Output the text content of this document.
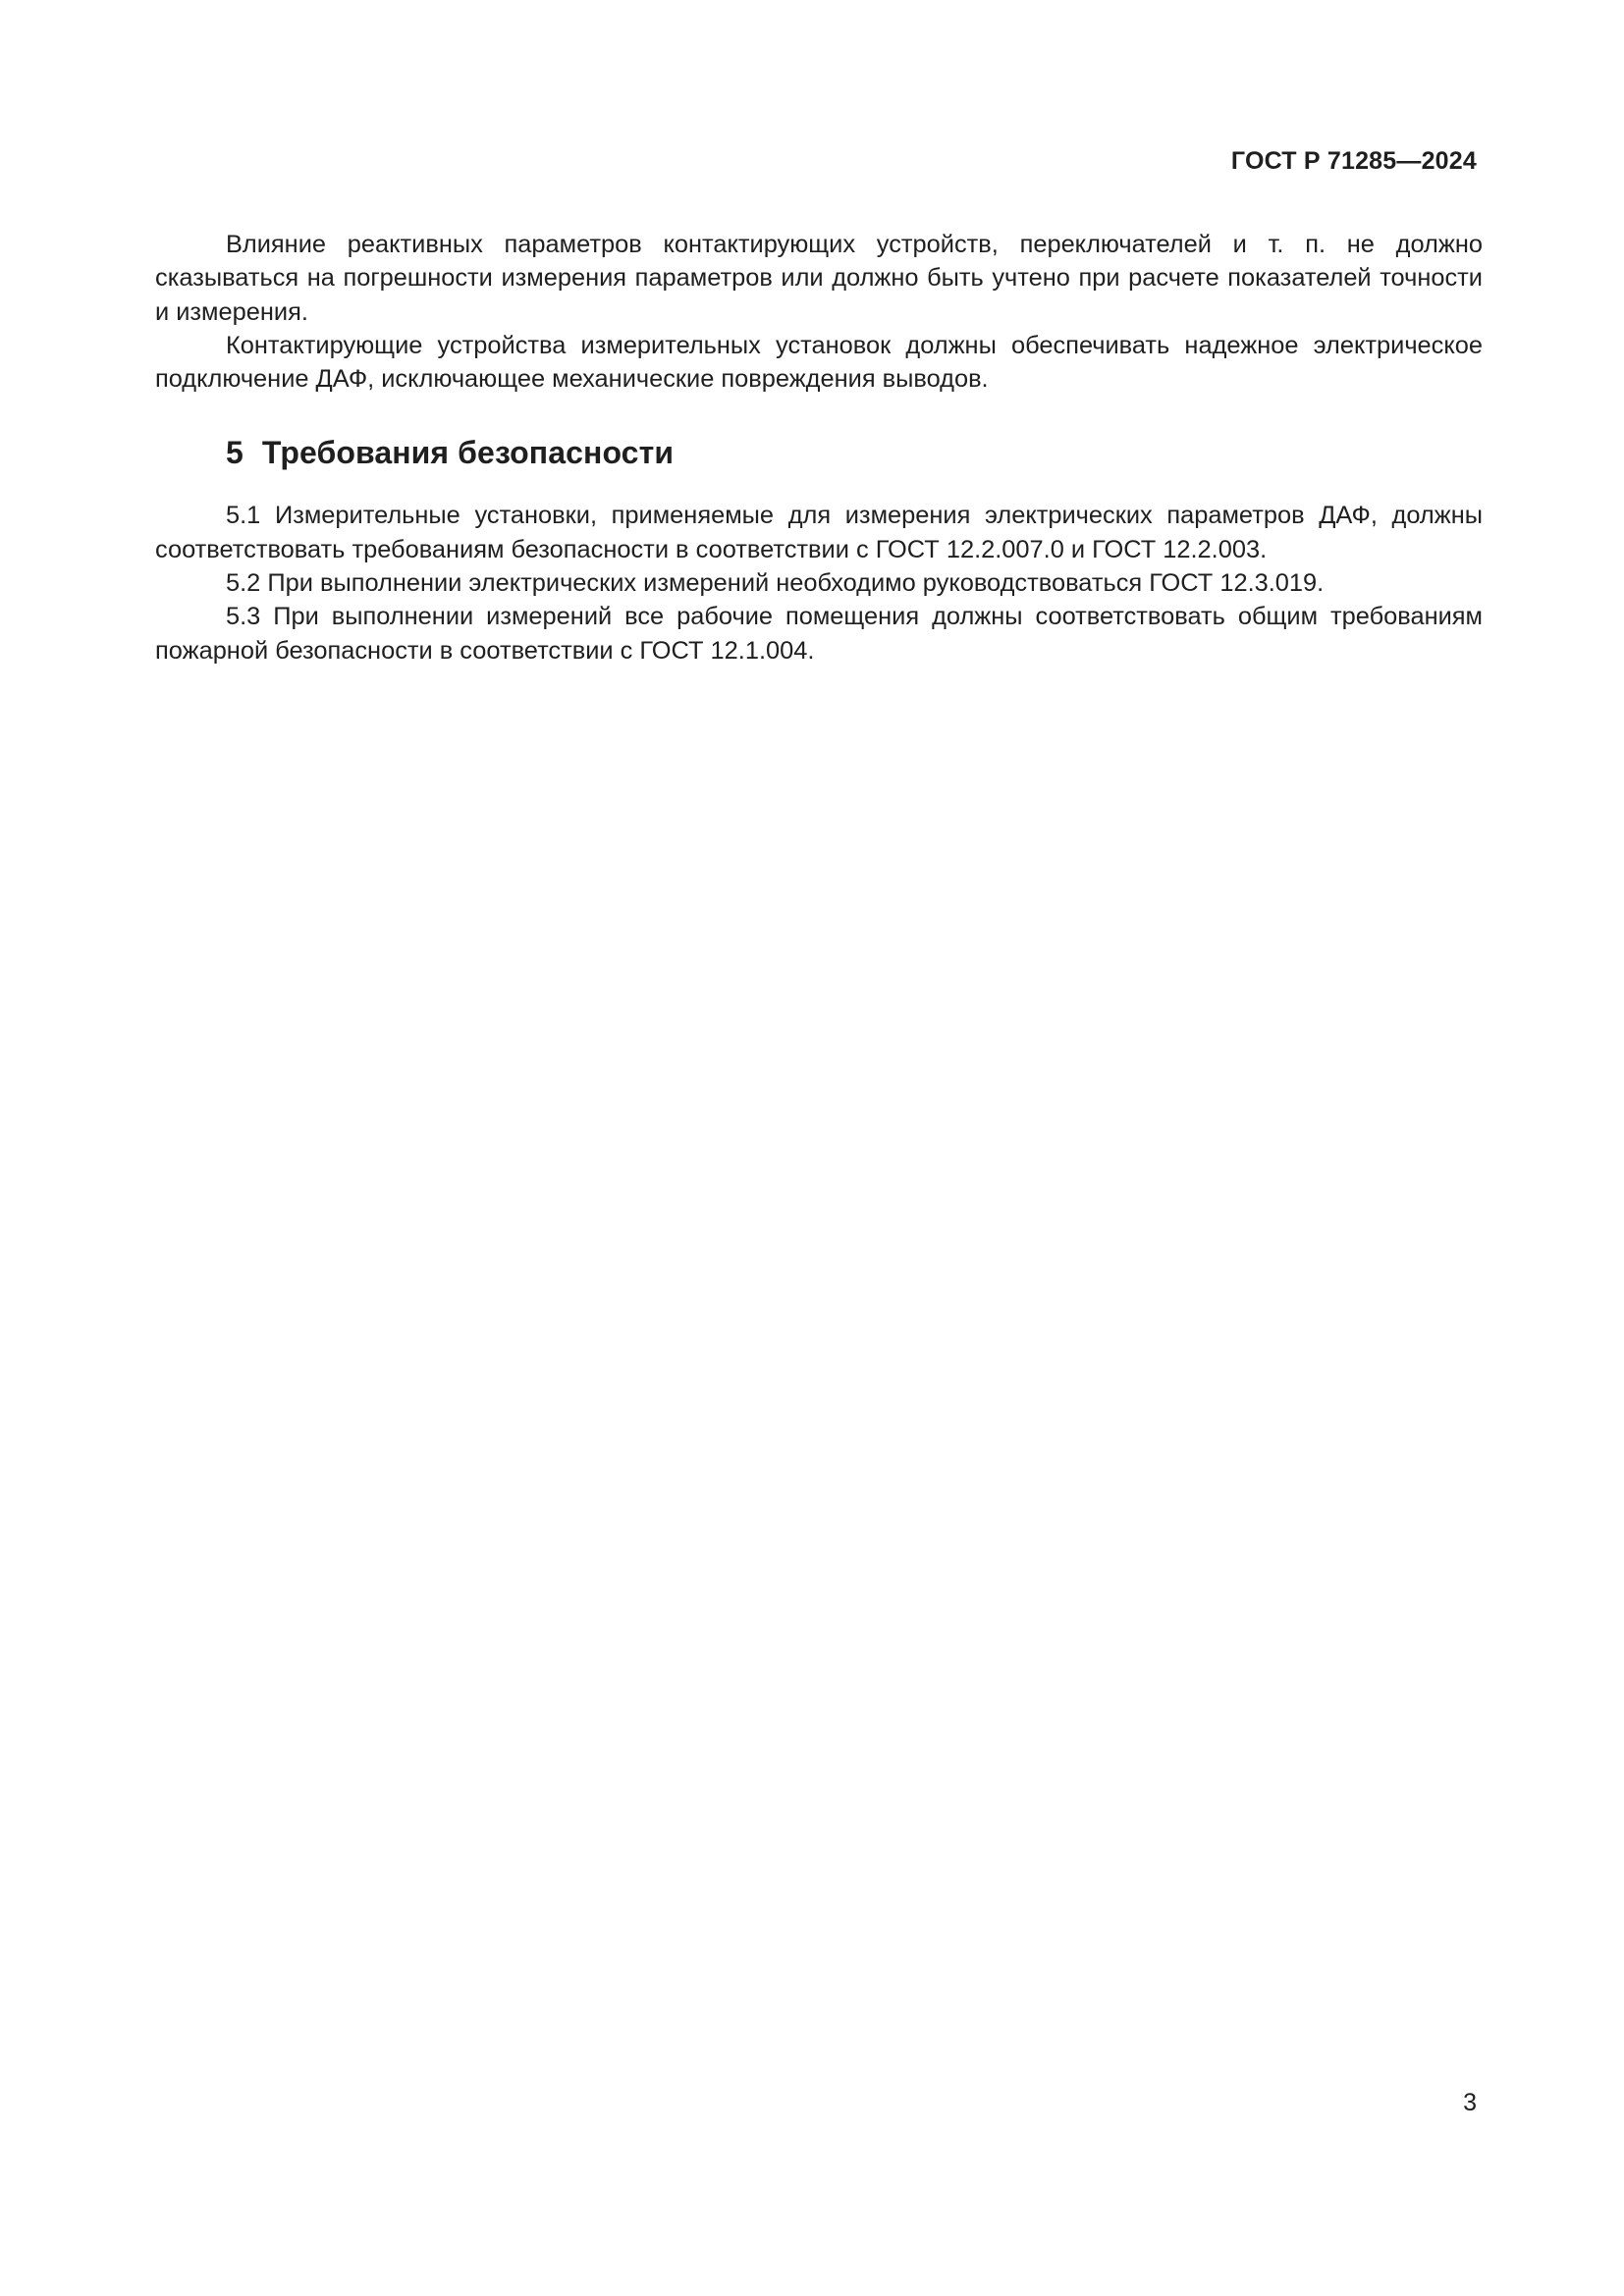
ГОСТ Р 71285—2024

Влияние реактивных параметров контактирующих устройств, переключателей и т. п. не должно сказываться на погрешности измерения параметров или должно быть учтено при расчете показателей точности и измерения.

Контактирующие устройства измерительных установок должны обеспечивать надежное электрическое подключение ДАФ, исключающее механические повреждения выводов.

5 Требования безопасности

5.1 Измерительные установки, применяемые для измерения электрических параметров ДАФ, должны соответствовать требованиям безопасности в соответствии с ГОСТ 12.2.007.0 и ГОСТ 12.2.003.

5.2 При выполнении электрических измерений необходимо руководствоваться ГОСТ 12.3.019.

5.3 При выполнении измерений все рабочие помещения должны соответствовать общим требованиям пожарной безопасности в соответствии с ГОСТ 12.1.004.

3
